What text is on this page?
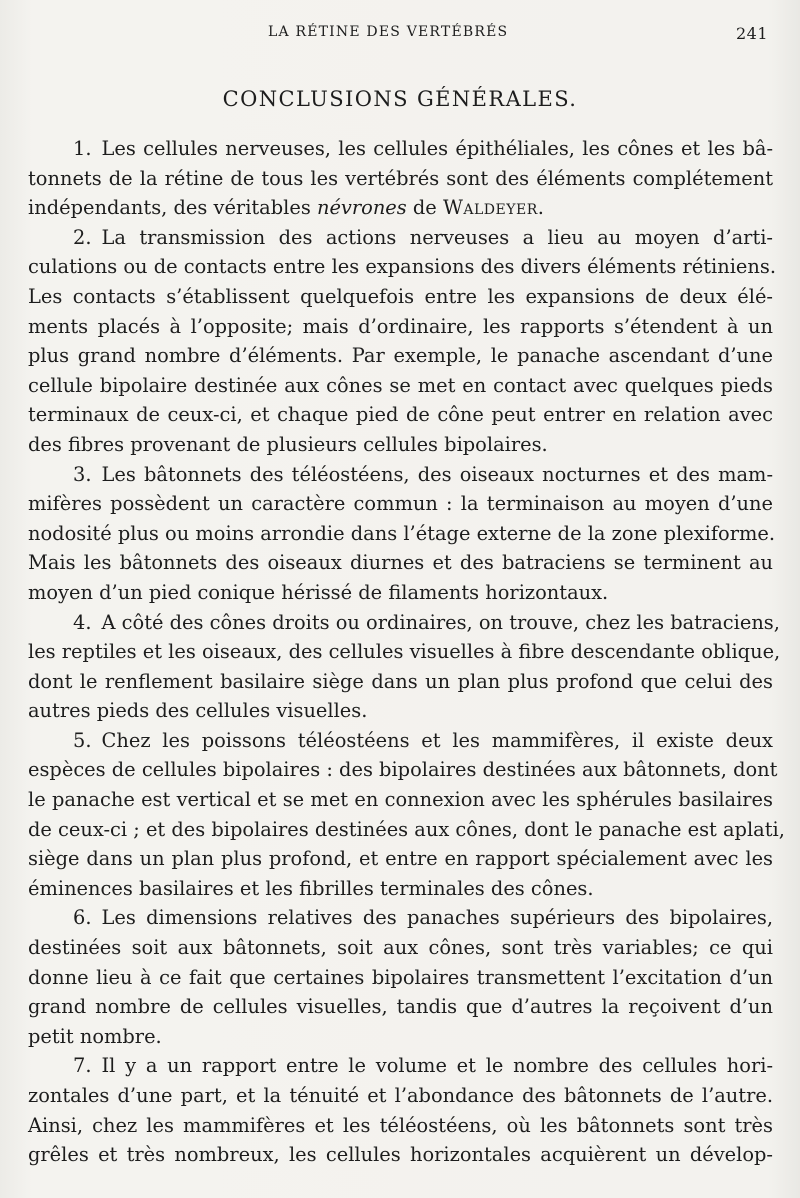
LA RÉTINE DES VERTÉBRÉS	241
CONCLUSIONS GÉNÉRALES.
1. Les cellules nerveuses, les cellules épithéliales, les cônes et les bâ-
tonnets de la rétine de tous les vertébrés sont des éléments complétement
indépendants, des véritables névrones de Waldeyer.
2. La transmission des actions nerveuses a lieu au moyen d’arti-
culations ou de contacts entre les expansions des divers éléments rétiniens.
Les contacts s’établissent quelquefois entre les expansions de deux élé-
ments placés à l’opposite; mais d’ordinaire, les rapports s’étendent à un
plus grand nombre d’éléments. Par exemple, le panache ascendant d’une
cellule bipolaire destinée aux cônes se met en contact avec quelques pieds
terminaux de ceux-ci, et chaque pied de cône peut entrer en relation avec
des fibres provenant de plusieurs cellules bipolaires.
3. Les bâtonnets des téléostéens, des oiseaux nocturnes et des mam-
mifères possèdent un caractère commun : la terminaison au moyen d’une
nodosité plus ou moins arrondie dans l’étage externe de la zone plexiforme.
Mais les bâtonnets des oiseaux diurnes et des batraciens se terminent au
moyen d’un pied conique hérissé de filaments horizontaux.
4. A côté des cônes droits ou ordinaires, on trouve, chez les batraciens,
les reptiles et les oiseaux, des cellules visuelles à fibre descendante oblique,
dont le renflement basilaire siège dans un plan plus profond que celui des
autres pieds des cellules visuelles.
5. Chez les poissons téléostéens et les mammifères, il existe deux
espèces de cellules bipolaires : des bipolaires destinées aux bâtonnets, dont
le panache est vertical et se met en connexion avec les sphérules basilaires
de ceux-ci ; et des bipolaires destinées aux cônes, dont le panache est aplati,
siège dans un plan plus profond, et entre en rapport spécialement avec les
éminences basilaires et les fibrilles terminales des cônes.
6. Les dimensions relatives des panaches supérieurs des bipolaires,
destinées soit aux bâtonnets, soit aux cônes, sont très variables; ce qui
donne lieu à ce fait que certaines bipolaires transmettent l’excitation d’un
grand nombre de cellules visuelles, tandis que d’autres la reçoivent d’un
petit nombre.
7. Il y a un rapport entre le volume et le nombre des cellules hori-
zontales d’une part, et la ténuité et l’abondance des bâtonnets de l’autre.
Ainsi, chez les mammifères et les téléostéens, où les bâtonnets sont très
grêles et très nombreux, les cellules horizontales acquièrent un dévelop-
